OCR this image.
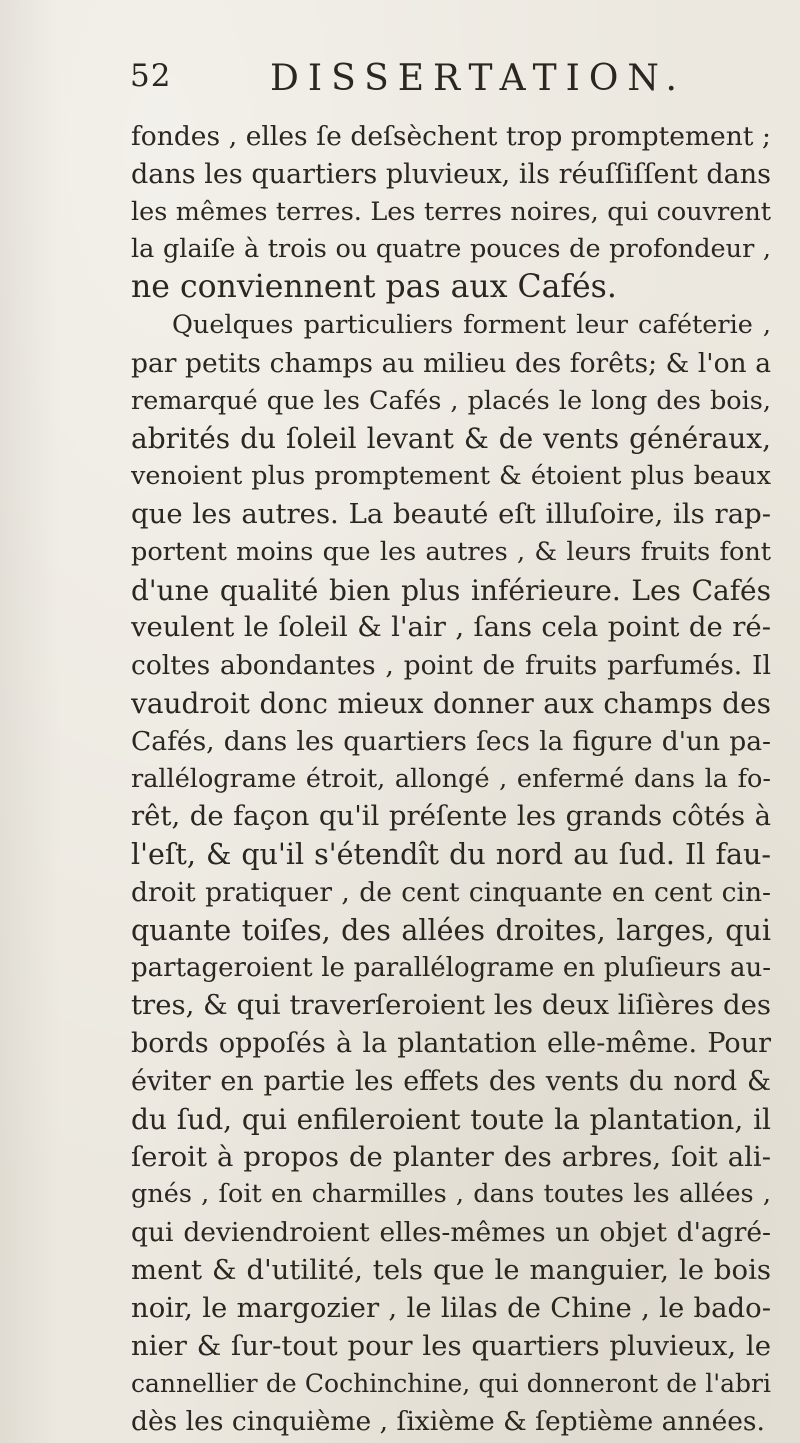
52	DISSERTATION.
fondes , elles ſe deſsèchent trop promptement ;
dans les quartiers pluvieux, ils réuſſiſſent dans
les mêmes terres. Les terres noires, qui couvrent
la glaiſe à trois ou quatre pouces de profondeur ,
ne conviennent pas aux Cafés.
Quelques particuliers forment leur caféterie ,
par petits champs au milieu des forêts; & l'on a
remarqué que les Cafés , placés le long des bois,
abrités du ſoleil levant & de vents généraux,
venoient plus promptement & étoient plus beaux
que les autres. La beauté eſt illuſoire, ils rap-
portent moins que les autres , & leurs fruits font
d'une qualité bien plus inférieure. Les Cafés
veulent le ſoleil & l'air , ſans cela point de ré-
coltes abondantes , point de fruits parfumés. Il
vaudroit donc mieux donner aux champs des
Cafés, dans les quartiers ſecs la figure d'un pa-
rallélograme étroit, allongé , enfermé dans la fo-
rêt, de façon qu'il préſente les grands côtés à
l'eſt, & qu'il s'étendît du nord au ſud. Il fau-
droit pratiquer , de cent cinquante en cent cin-
quante toiſes, des allées droites, larges, qui
partageroient le parallélograme en pluſieurs au-
tres, & qui traverſeroient les deux liſières des
bords oppoſés à la plantation elle-même. Pour
éviter en partie les effets des vents du nord &
du ſud, qui enfileroient toute la plantation, il
ſeroit à propos de planter des arbres, ſoit ali-
gnés , ſoit en charmilles , dans toutes les allées ,
qui deviendroient elles-mêmes un objet d'agré-
ment & d'utilité, tels que le manguier, le bois
noir, le margozier , le lilas de Chine , le bado-
nier & ſur-tout pour les quartiers pluvieux, le
cannellier de Cochinchine, qui donneront de l'abri
dès les cinquième , ſixième & ſeptième années.
